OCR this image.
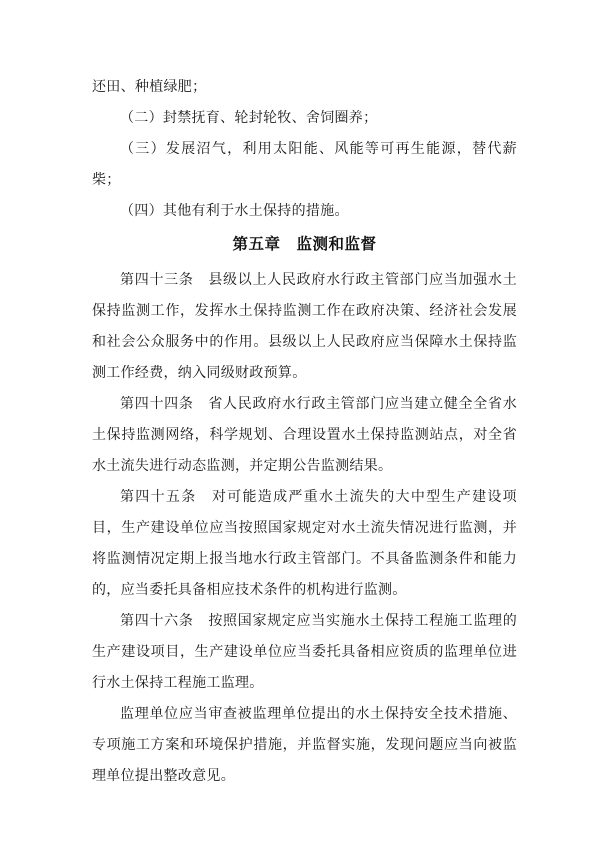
还田、种植绿肥；

（二）封禁抚育、轮封轮牧、舍饲圈养；

（三）发展沼气，利用太阳能、风能等可再生能源，替代薪柴；

（四）其他有利于水土保持的措施。

第五章　监测和监督

第四十三条　县级以上人民政府水行政主管部门应当加强水土保持监测工作，发挥水土保持监测工作在政府决策、经济社会发展和社会公众服务中的作用。县级以上人民政府应当保障水土保持监测工作经费，纳入同级财政预算。

第四十四条　省人民政府水行政主管部门应当建立健全全省水土保持监测网络，科学规划、合理设置水土保持监测站点，对全省水土流失进行动态监测，并定期公告监测结果。

第四十五条　对可能造成严重水土流失的大中型生产建设项目，生产建设单位应当按照国家规定对水土流失情况进行监测，并将监测情况定期上报当地水行政主管部门。不具备监测条件和能力的，应当委托具备相应技术条件的机构进行监测。

第四十六条　按照国家规定应当实施水土保持工程施工监理的生产建设项目，生产建设单位应当委托具备相应资质的监理单位进行水土保持工程施工监理。

监理单位应当审查被监理单位提出的水土保持安全技术措施、专项施工方案和环境保护措施，并监督实施，发现问题应当向被监理单位提出整改意见。
